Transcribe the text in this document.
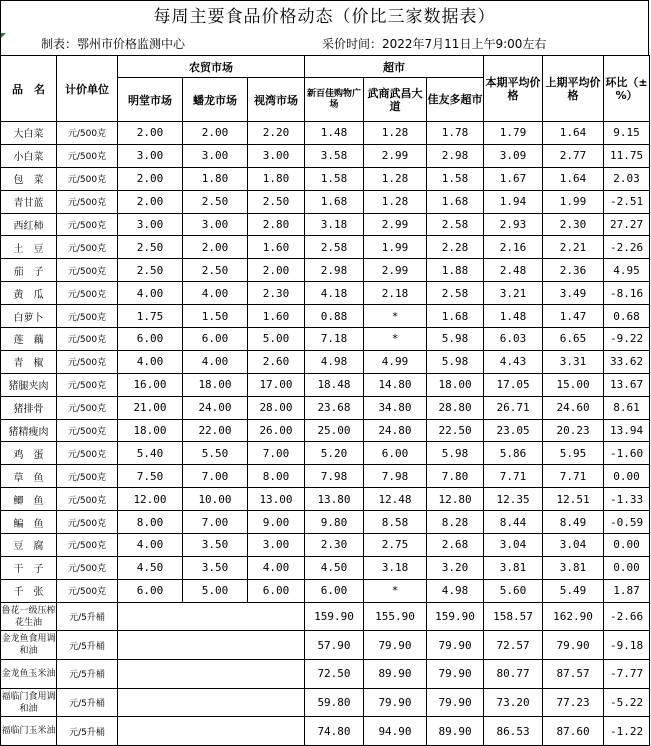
每周主要食品价格动态（价比三家数据表）
制表：鄂州市价格监测中心	采价时间：2022年7月11日上午9:00左右
品　名	计价单位	农贸市场			超市			本期平均价格	上期平均价格	环比（±%）
		明堂市场	蟠龙市场	视湾市场	新百佳购物广场	武商武昌大道	佳友多超市			
大白菜	元/500克	2.00	2.00	2.20	1.48	1.28	1.78	1.79	1.64	9.15
小白菜	元/500克	3.00	3.00	3.00	3.58	2.99	2.98	3.09	2.77	11.75
包　菜	元/500克	2.00	1.80	1.80	1.58	1.28	1.58	1.67	1.64	2.03
青甘蓝	元/500克	2.00	2.50	2.50	1.68	1.28	1.68	1.94	1.99	-2.51
西红柿	元/500克	3.00	3.00	2.80	3.18	2.99	2.58	2.93	2.30	27.27
土　豆	元/500克	2.50	2.00	1.60	2.58	1.99	2.28	2.16	2.21	-2.26
茄　子	元/500克	2.50	2.50	2.00	2.98	2.99	1.88	2.48	2.36	4.95
黄　瓜	元/500克	4.00	4.00	2.30	4.18	2.18	2.58	3.21	3.49	-8.16
白萝卜	元/500克	1.75	1.50	1.60	0.88	*	1.68	1.48	1.47	0.68
莲　藕	元/500克	6.00	6.00	5.00	7.18	*	5.98	6.03	6.65	-9.22
青　椒	元/500克	4.00	4.00	2.60	4.98	4.99	5.98	4.43	3.31	33.62
猪腿夹肉	元/500克	16.00	18.00	17.00	18.48	14.80	18.00	17.05	15.00	13.67
猪排骨	元/500克	21.00	24.00	28.00	23.68	34.80	28.80	26.71	24.60	8.61
猪精瘦肉	元/500克	18.00	22.00	26.00	25.00	24.80	22.50	23.05	20.23	13.94
鸡　蛋	元/500克	5.40	5.50	7.00	5.20	6.00	5.98	5.86	5.95	-1.60
草　鱼	元/500克	7.50	7.00	8.00	7.98	7.98	7.80	7.71	7.71	0.00
鲫　鱼	元/500克	12.00	10.00	13.00	13.80	12.48	12.80	12.35	12.51	-1.33
鳊　鱼	元/500克	8.00	7.00	9.00	9.80	8.58	8.28	8.44	8.49	-0.59
豆　腐	元/500克	4.00	3.50	3.00	2.30	2.75	2.68	3.04	3.04	0.00
干　子	元/500克	4.50	3.50	4.00	4.50	3.18	3.20	3.81	3.81	0.00
千　张	元/500克	6.00	5.00	6.00	6.00	*	4.98	5.60	5.49	1.87
鲁花一级压榨花生油	元/5升桶				159.90	155.90	159.90	158.57	162.90	-2.66
金龙鱼食用调和油	元/5升桶				57.90	79.90	79.90	72.57	79.90	-9.18
金龙鱼玉米油	元/5升桶				72.50	89.90	79.90	80.77	87.57	-7.77
福临门食用调和油	元/5升桶				59.80	79.90	79.90	73.20	77.23	-5.22
福临门玉米油	元/5升桶				74.80	94.90	89.90	86.53	87.60	-1.22
